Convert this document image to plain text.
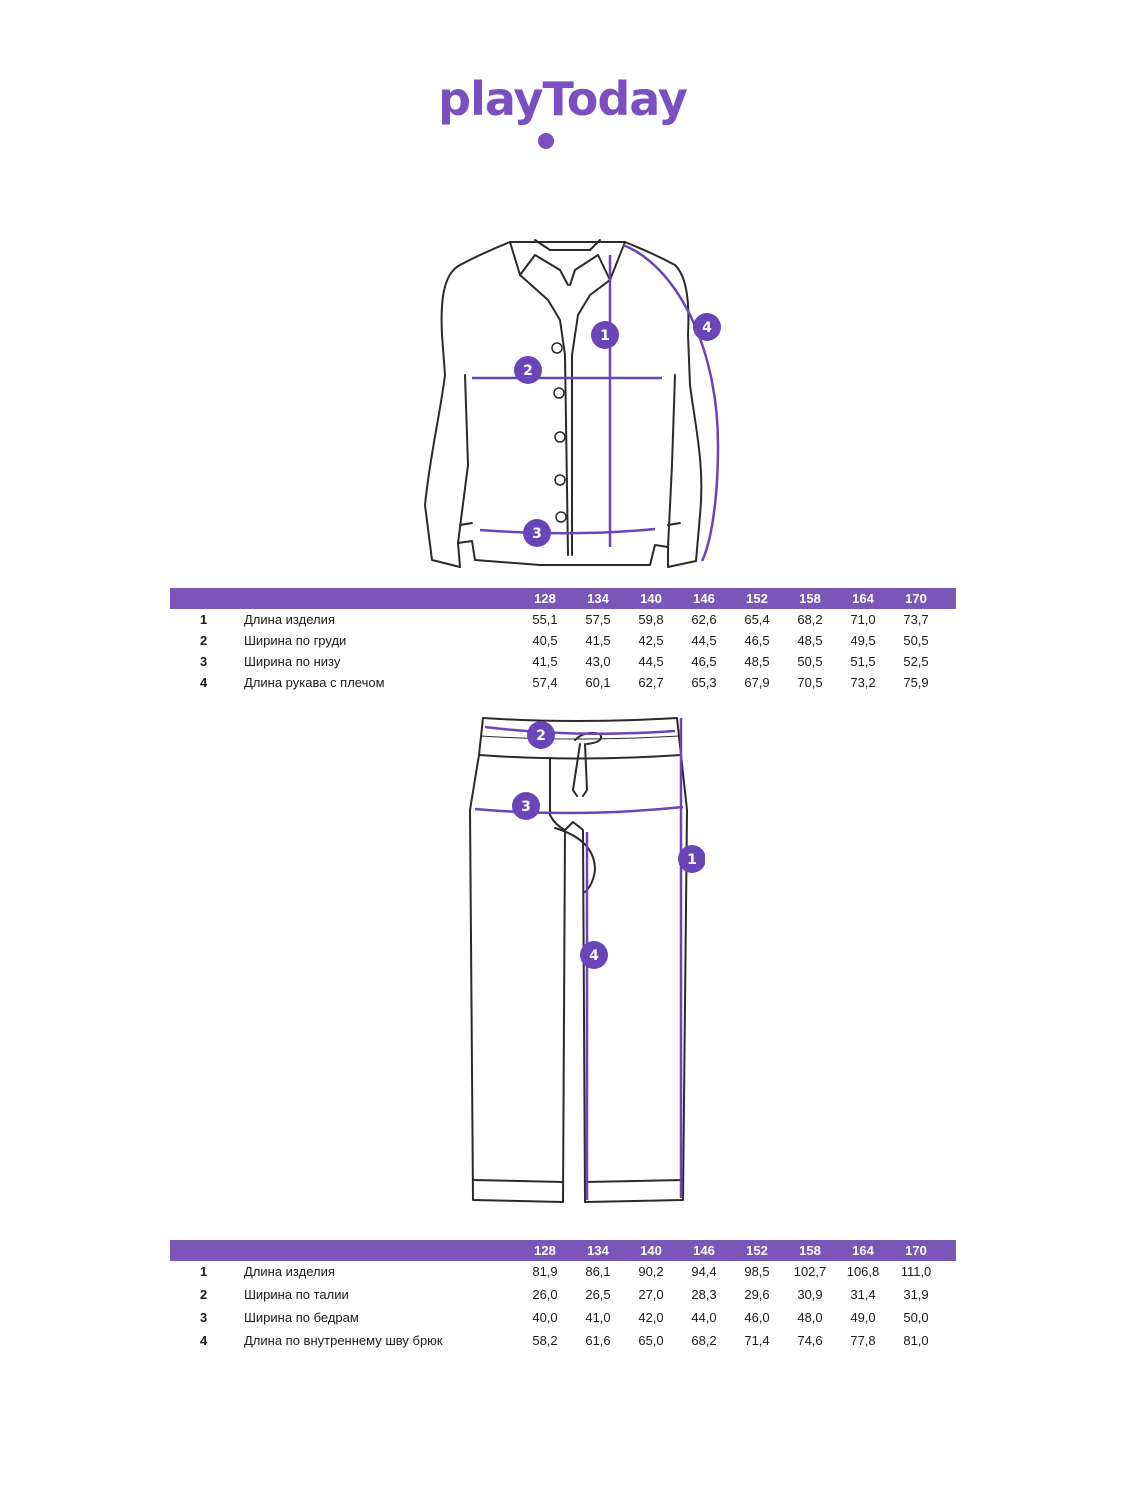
playToday
1
2
3
4
128	134	140	146	152	158	164	170
1	Длина изделия	55,1	57,5	59,8	62,6	65,4	68,2	71,0	73,7
2	Ширина по груди	40,5	41,5	42,5	44,5	46,5	48,5	49,5	50,5
3	Ширина по низу	41,5	43,0	44,5	46,5	48,5	50,5	51,5	52,5
4	Длина рукава с плечом	57,4	60,1	62,7	65,3	67,9	70,5	73,2	75,9
1
2
3
4
128	134	140	146	152	158	164	170
1	Длина изделия	81,9	86,1	90,2	94,4	98,5	102,7	106,8	111,0
2	Ширина по талии	26,0	26,5	27,0	28,3	29,6	30,9	31,4	31,9
3	Ширина по бедрам	40,0	41,0	42,0	44,0	46,0	48,0	49,0	50,0
4	Длина по внутреннему шву брюк	58,2	61,6	65,0	68,2	71,4	74,6	77,8	81,0
